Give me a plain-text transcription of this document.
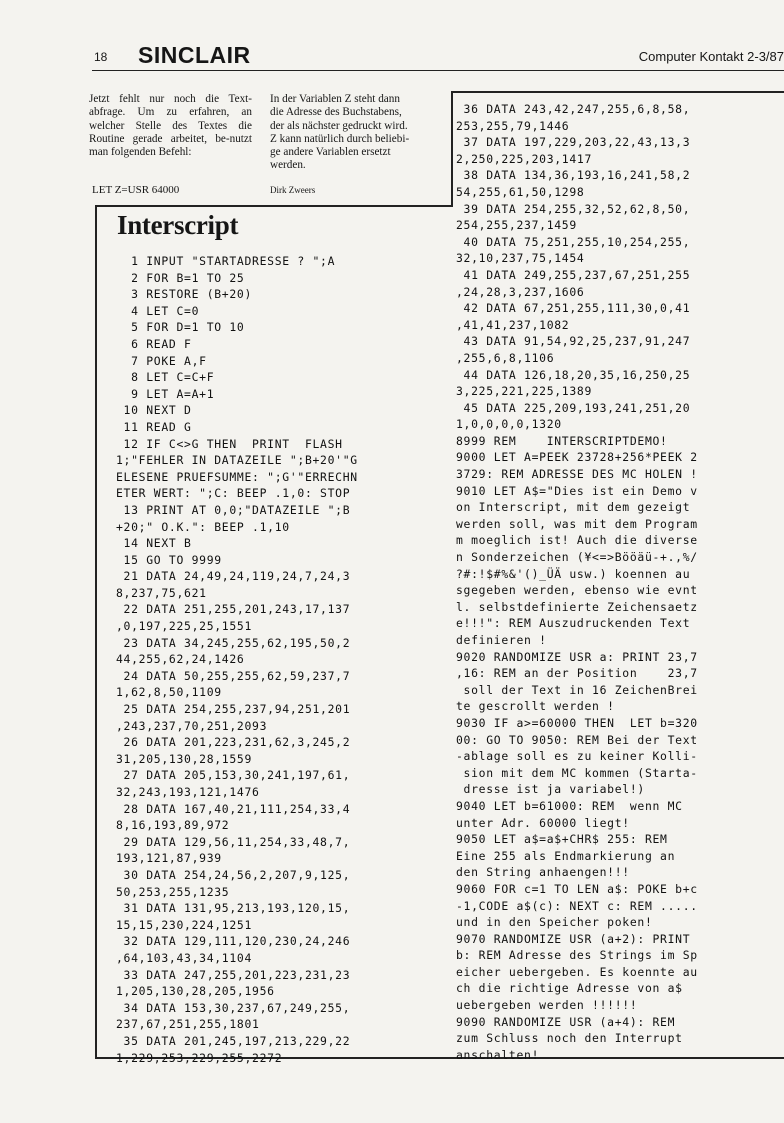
18 SINCLAIR	Computer Kontakt 2-3/87

Jetzt fehlt nur noch die Text-abfrage. Um zu erfahren, an welcher Stelle des Textes die Routine gerade arbeitet, be-nutzt man folgenden Befehl:

LET Z=USR 64000

In der Variablen Z steht dann

die Adresse des Buchstabens,

der als nächster gedruckt wird.

Z kann natürlich durch beliebi-

ge andere Variablen ersetzt

werden.

Dirk Zweers
Interscript
1 INPUT "STARTADRESSE ? ";A
2 FOR B=1 TO 25
3 RESTORE (B+20)
4 LET C=0
5 FOR D=1 TO 10
6 READ F
7 POKE A,F
8 LET C=C+F
9 LET A=A+1
10 NEXT D
11 READ G
12 IF C<>G THEN  PRINT  FLASH
1;"FEHLER IN DATAZEILE ";B+20'"G
ELESENE PRUEFSUMME: ";G'"ERRECHN
ETER WERT: ";C: BEEP .1,0: STOP
13 PRINT AT 0,0;"DATAZEILE ";B
+20;" O.K.": BEEP .1,10
14 NEXT B
15 GO TO 9999
21 DATA 24,49,24,119,24,7,24,3
8,237,75,621
22 DATA 251,255,201,243,17,137
,0,197,225,25,1551
23 DATA 34,245,255,62,195,50,2
44,255,62,24,1426
24 DATA 50,255,255,62,59,237,7
1,62,8,50,1109
25 DATA 254,255,237,94,251,201
,243,237,70,251,2093
26 DATA 201,223,231,62,3,245,2
31,205,130,28,1559
27 DATA 205,153,30,241,197,61,
32,243,193,121,1476
28 DATA 167,40,21,111,254,33,4
8,16,193,89,972
29 DATA 129,56,11,254,33,48,7,
193,121,87,939
30 DATA 254,24,56,2,207,9,125,
50,253,255,1235
31 DATA 131,95,213,193,120,15,
15,15,230,224,1251
32 DATA 129,111,120,230,24,246
,64,103,43,34,1104
33 DATA 247,255,201,223,231,23
1,205,130,28,205,1956
34 DATA 153,30,237,67,249,255,
237,67,251,255,1801
35 DATA 201,245,197,213,229,22
1,229,253,229,255,2272
36 DATA 243,42,247,255,6,8,58,
253,255,79,1446
37 DATA 197,229,203,22,43,13,3
2,250,225,203,1417
38 DATA 134,36,193,16,241,58,2
54,255,61,50,1298
39 DATA 254,255,32,52,62,8,50,
254,255,237,1459
40 DATA 75,251,255,10,254,255,
32,10,237,75,1454
41 DATA 249,255,237,67,251,255
,24,28,3,237,1606
42 DATA 67,251,255,111,30,0,41
,41,41,237,1082
43 DATA 91,54,92,25,237,91,247
,255,6,8,1106
44 DATA 126,18,20,35,16,250,25
3,225,221,225,1389
45 DATA 225,209,193,241,251,20
1,0,0,0,0,1320
8999 REM    INTERSCRIPTDEMO!
9000 LET A=PEEK 23728+256*PEEK 2
3729: REM ADRESSE DES MC HOLEN !
9010 LET A$="Dies ist ein Demo v
on Interscript, mit dem gezeigt
werden soll, was mit dem Program
m moeglich ist! Auch die diverse
n Sonderzeichen (¥<=>Bööäü-+.,%/
?#:!$#%&'()_ÜÄ usw.) koennen au
sgegeben werden, ebenso wie evnt
l. selbstdefinierte Zeichensaetz
e!!!": REM Auszudruckenden Text
definieren !
9020 RANDOMIZE USR a: PRINT 23,7
,16: REM an der Position    23,7
soll der Text in 16 ZeichenBrei
te gescrollt werden !
9030 IF a>=60000 THEN  LET b=320
00: GO TO 9050: REM Bei der Text
-ablage soll es zu keiner Kolli-
sion mit dem MC kommen (Starta-
dresse ist ja variabel!)
9040 LET b=61000: REM  wenn MC
unter Adr. 60000 liegt!
9050 LET a$=a$+CHR$ 255: REM
Eine 255 als Endmarkierung an
den String anhaengen!!!
9060 FOR c=1 TO LEN a$: POKE b+c
-1,CODE a$(c): NEXT c: REM .....
und in den Speicher poken!
9070 RANDOMIZE USR (a+2): PRINT
b: REM Adresse des Strings im Sp
eicher uebergeben. Es koennte au
ch die richtige Adresse von a$
uebergeben werden !!!!!!
9090 RANDOMIZE USR (a+4): REM
zum Schluss noch den Interrupt
anschalten!
